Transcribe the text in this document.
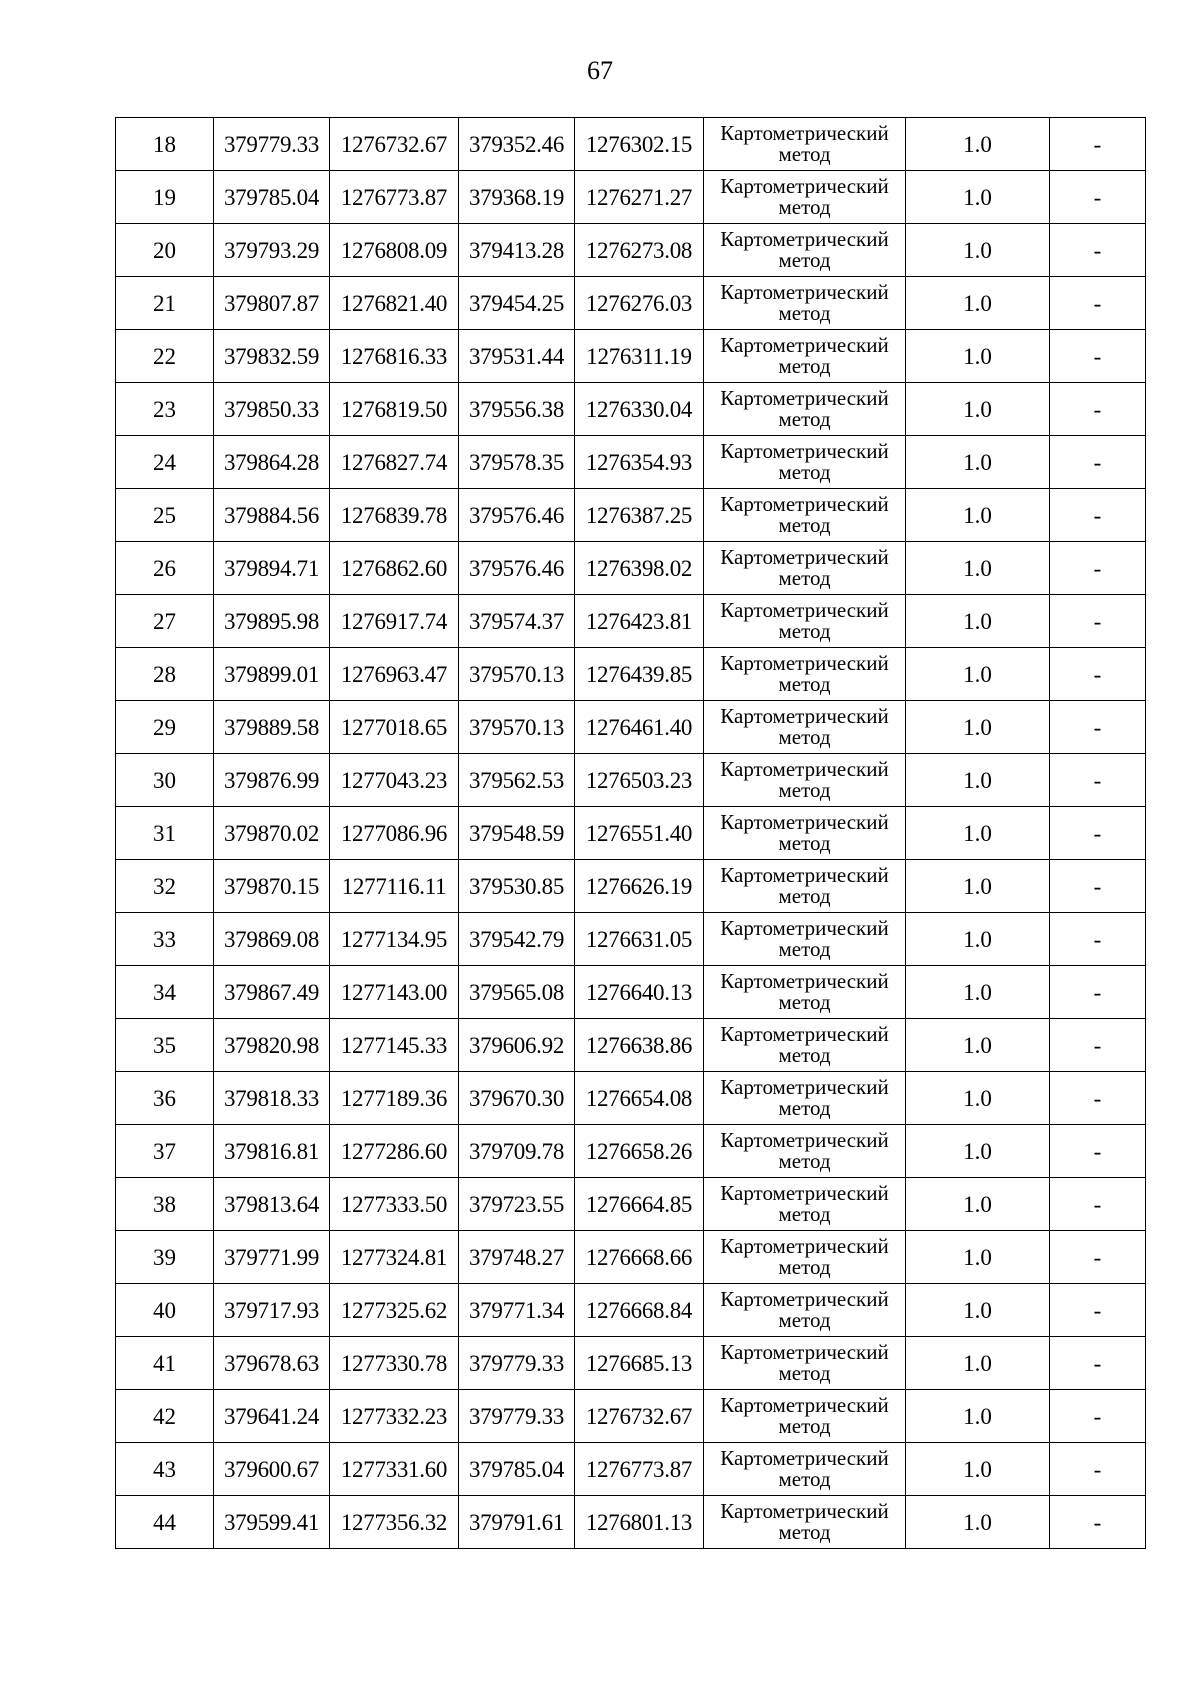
67
18	379779.33	1276732.67	379352.46	1276302.15	Картометрический метод	1.0	-
19	379785.04	1276773.87	379368.19	1276271.27	Картометрический метод	1.0	-
20	379793.29	1276808.09	379413.28	1276273.08	Картометрический метод	1.0	-
21	379807.87	1276821.40	379454.25	1276276.03	Картометрический метод	1.0	-
22	379832.59	1276816.33	379531.44	1276311.19	Картометрический метод	1.0	-
23	379850.33	1276819.50	379556.38	1276330.04	Картометрический метод	1.0	-
24	379864.28	1276827.74	379578.35	1276354.93	Картометрический метод	1.0	-
25	379884.56	1276839.78	379576.46	1276387.25	Картометрический метод	1.0	-
26	379894.71	1276862.60	379576.46	1276398.02	Картометрический метод	1.0	-
27	379895.98	1276917.74	379574.37	1276423.81	Картометрический метод	1.0	-
28	379899.01	1276963.47	379570.13	1276439.85	Картометрический метод	1.0	-
29	379889.58	1277018.65	379570.13	1276461.40	Картометрический метод	1.0	-
30	379876.99	1277043.23	379562.53	1276503.23	Картометрический метод	1.0	-
31	379870.02	1277086.96	379548.59	1276551.40	Картометрический метод	1.0	-
32	379870.15	1277116.11	379530.85	1276626.19	Картометрический метод	1.0	-
33	379869.08	1277134.95	379542.79	1276631.05	Картометрический метод	1.0	-
34	379867.49	1277143.00	379565.08	1276640.13	Картометрический метод	1.0	-
35	379820.98	1277145.33	379606.92	1276638.86	Картометрический метод	1.0	-
36	379818.33	1277189.36	379670.30	1276654.08	Картометрический метод	1.0	-
37	379816.81	1277286.60	379709.78	1276658.26	Картометрический метод	1.0	-
38	379813.64	1277333.50	379723.55	1276664.85	Картометрический метод	1.0	-
39	379771.99	1277324.81	379748.27	1276668.66	Картометрический метод	1.0	-
40	379717.93	1277325.62	379771.34	1276668.84	Картометрический метод	1.0	-
41	379678.63	1277330.78	379779.33	1276685.13	Картометрический метод	1.0	-
42	379641.24	1277332.23	379779.33	1276732.67	Картометрический метод	1.0	-
43	379600.67	1277331.60	379785.04	1276773.87	Картометрический метод	1.0	-
44	379599.41	1277356.32	379791.61	1276801.13	Картометрический метод	1.0	-
